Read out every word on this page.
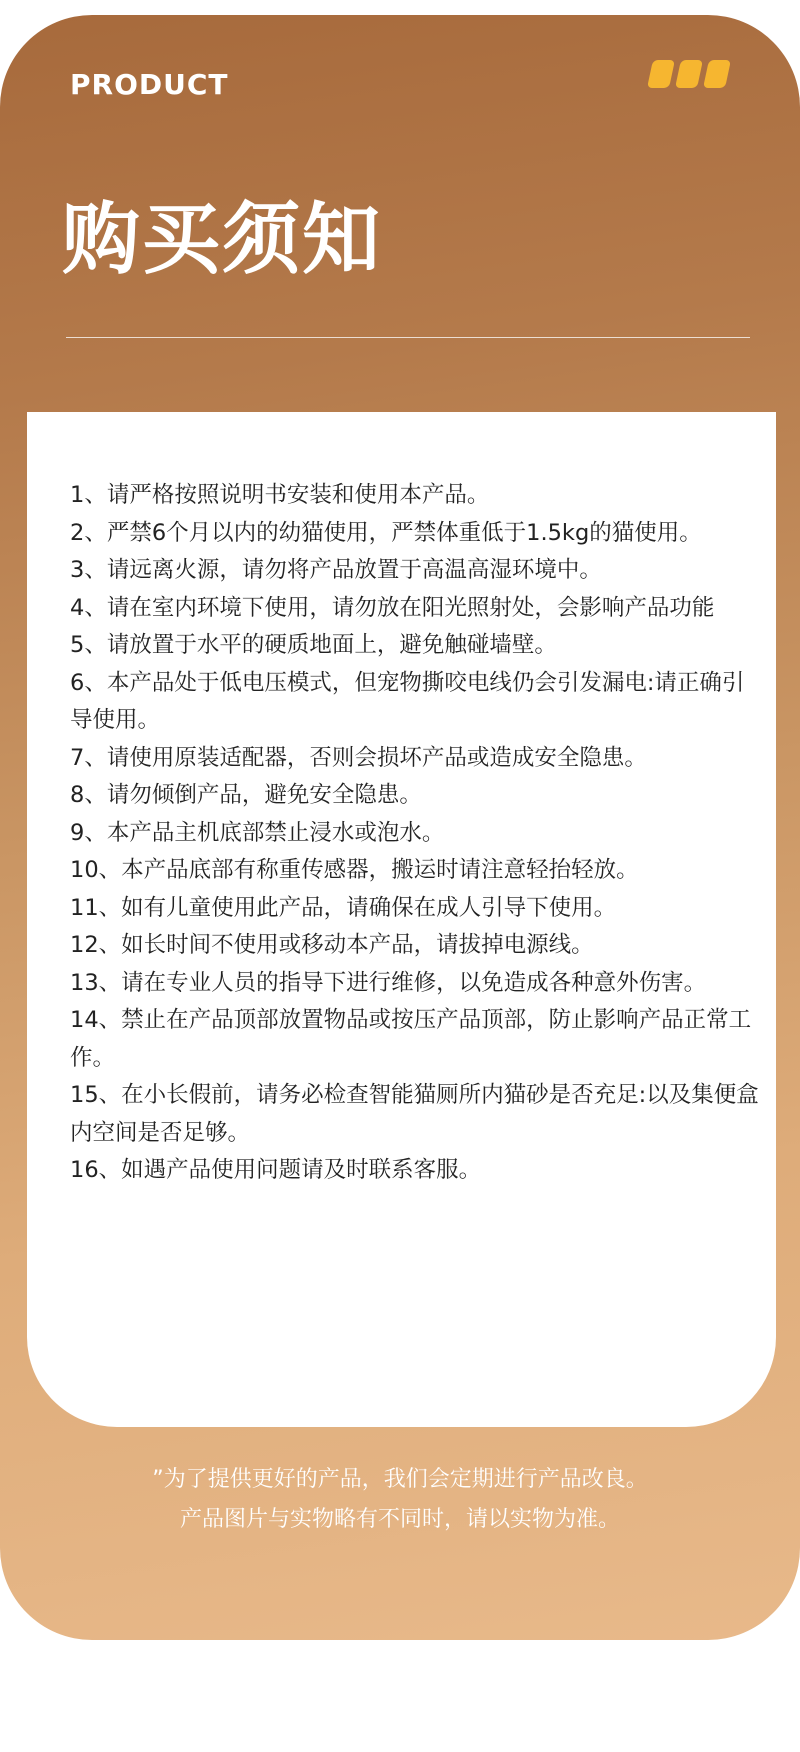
PRODUCT
购买须知
1、请严格按照说明书安装和使用本产品。
2、严禁6个月以内的幼猫使用，严禁体重低于1.5kg的猫使用。
3、请远离火源，请勿将产品放置于高温高湿环境中。
4、请在室内环境下使用，请勿放在阳光照射处，会影响产品功能
5、请放置于水平的硬质地面上，避免触碰墙壁。
6、本产品处于低电压模式，但宠物撕咬电线仍会引发漏电:请正确引导使用。
7、请使用原装适配器，否则会损坏产品或造成安全隐患。
8、请勿倾倒产品，避免安全隐患。
9、本产品主机底部禁止浸水或泡水。
10、本产品底部有称重传感器，搬运时请注意轻抬轻放。
11、如有儿童使用此产品，请确保在成人引导下使用。
12、如长时间不使用或移动本产品，请拔掉电源线。
13、请在专业人员的指导下进行维修，以免造成各种意外伤害。
14、禁止在产品顶部放置物品或按压产品顶部，防止影响产品正常工作。
15、在小长假前，请务必检查智能猫厕所内猫砂是否充足:以及集便盒内空间是否足够。
16、如遇产品使用问题请及时联系客服。
”为了提供更好的产品，我们会定期进行产品改良。
产品图片与实物略有不同时，请以实物为准。
